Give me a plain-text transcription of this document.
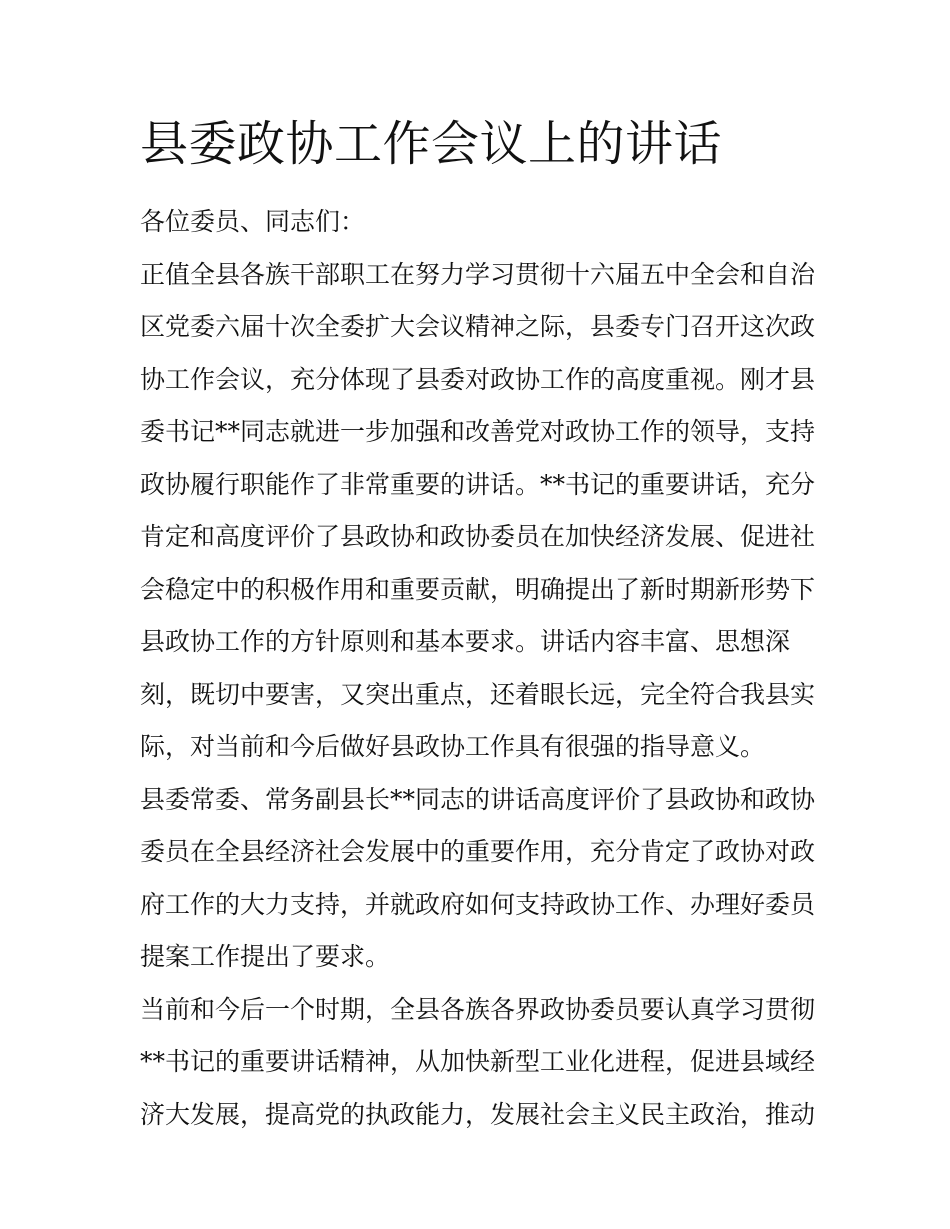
县委政协工作会议上的讲话

各位委员、同志们：

正值全县各族干部职工在努力学习贯彻十六届五中全会和自治
区党委六届十次全委扩大会议精神之际，县委专门召开这次政
协工作会议，充分体现了县委对政协工作的高度重视。刚才县
委书记**同志就进一步加强和改善党对政协工作的领导，支持
政协履行职能作了非常重要的讲话。**书记的重要讲话，充分
肯定和高度评价了县政协和政协委员在加快经济发展、促进社
会稳定中的积极作用和重要贡献，明确提出了新时期新形势下
县政协工作的方针原则和基本要求。讲话内容丰富、思想深
刻，既切中要害，又突出重点，还着眼长远，完全符合我县实
际，对当前和今后做好县政协工作具有很强的指导意义。
县委常委、常务副县长**同志的讲话高度评价了县政协和政协
委员在全县经济社会发展中的重要作用，充分肯定了政协对政
府工作的大力支持，并就政府如何支持政协工作、办理好委员
提案工作提出了要求。
当前和今后一个时期，全县各族各界政协委员要认真学习贯彻
**书记的重要讲话精神，从加快新型工业化进程，促进县域经
济大发展，提高党的执政能力，发展社会主义民主政治，推动
